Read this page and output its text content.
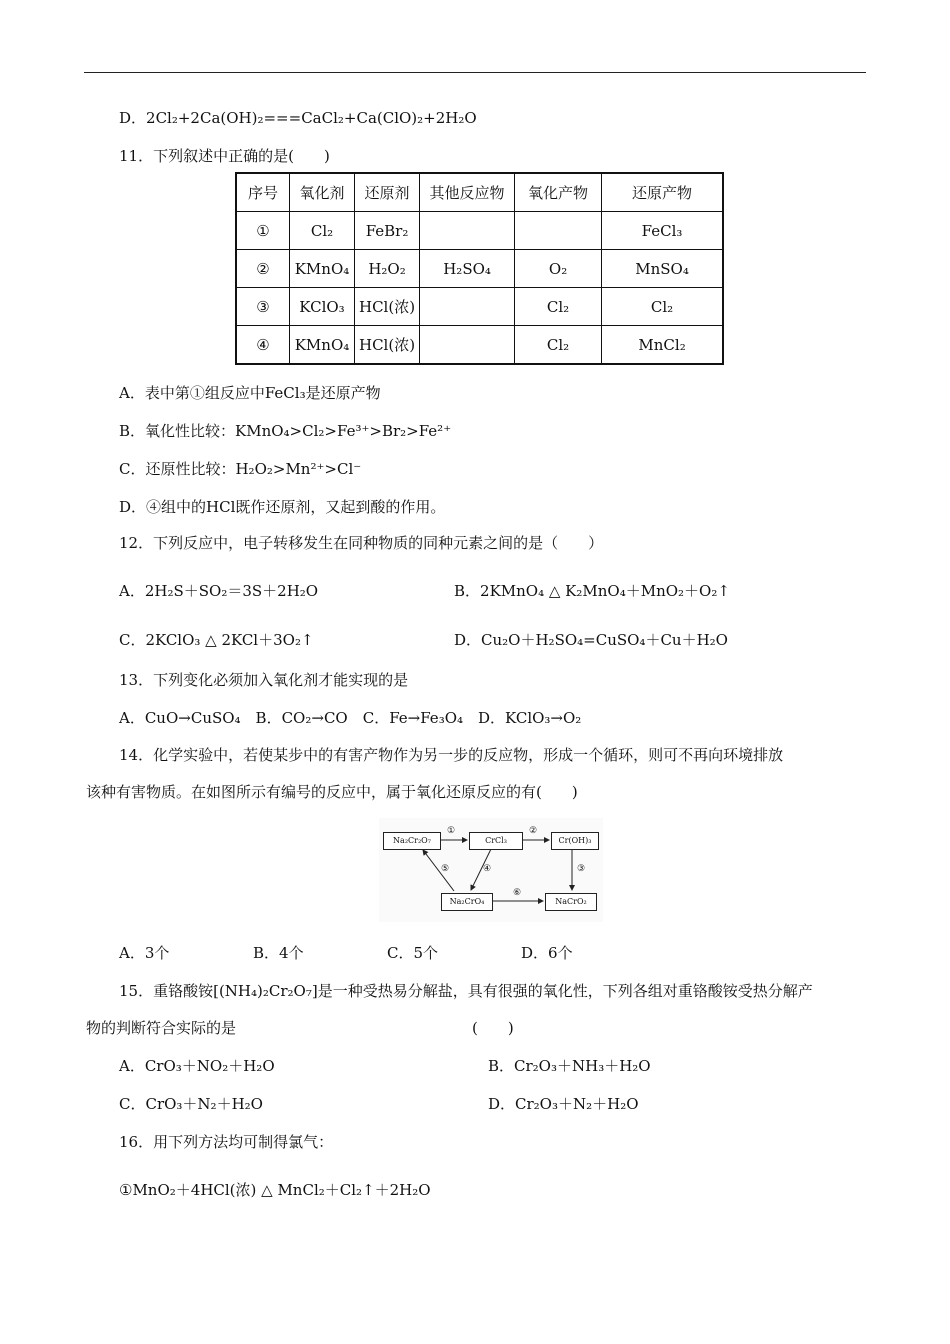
D．2Cl₂+2Ca(OH)₂===CaCl₂+Ca(ClO)₂+2H₂O
11．下列叙述中正确的是(　　)
序号	氧化剂	还原剂	其他反应物	氧化产物	还原产物
①	Cl₂	FeBr₂			FeCl₃
②	KMnO₄	H₂O₂	H₂SO₄	O₂	MnSO₄
③	KClO₃	HCl(浓)		Cl₂	Cl₂
④	KMnO₄	HCl(浓)		Cl₂	MnCl₂
A．表中第①组反应中FeCl₃是还原产物
B．氧化性比较：KMnO₄>Cl₂>Fe³⁺>Br₂>Fe²⁺
C．还原性比较：H₂O₂>Mn²⁺>Cl⁻
D．④组中的HCl既作还原剂，又起到酸的作用。
12．下列反应中，电子转移发生在同种物质的同种元素之间的是（　　）
A．2H₂S＋SO₂＝3S＋2H₂O	B．2KMnO₄ △ K₂MnO₄＋MnO₂＋O₂↑
C．2KClO₃ △ 2KCl＋3O₂↑	D．Cu₂O＋H₂SO₄=CuSO₄＋Cu＋H₂O
13．下列变化必须加入氧化剂才能实现的是
A．CuO→CuSO₄　B．CO₂→CO　C．Fe→Fe₃O₄　D．KClO₃→O₂
14．化学实验中，若使某步中的有害产物作为另一步的反应物，形成一个循环，则可不再向环境排放
该种有害物质。在如图所示有编号的反应中，属于氧化还原反应的有(　　)
Na₂Cr₂O₇	CrCl₃	Cr(OH)₃
Na₂CrO₄	NaCrO₂
①	②
③
④
⑤
⑥
A．3个	B．4个	C．5个	D．6个
15．重铬酸铵[(NH₄)₂Cr₂O₇]是一种受热易分解盐，具有很强的氧化性，下列各组对重铬酸铵受热分解产
物的判断符合实际的是	(　　)
A．CrO₃＋NO₂＋H₂O	B．Cr₂O₃＋NH₃＋H₂O
C．CrO₃＋N₂＋H₂O	D．Cr₂O₃＋N₂＋H₂O
16．用下列方法均可制得氯气：
①MnO₂＋4HCl(浓) △ MnCl₂＋Cl₂↑＋2H₂O
